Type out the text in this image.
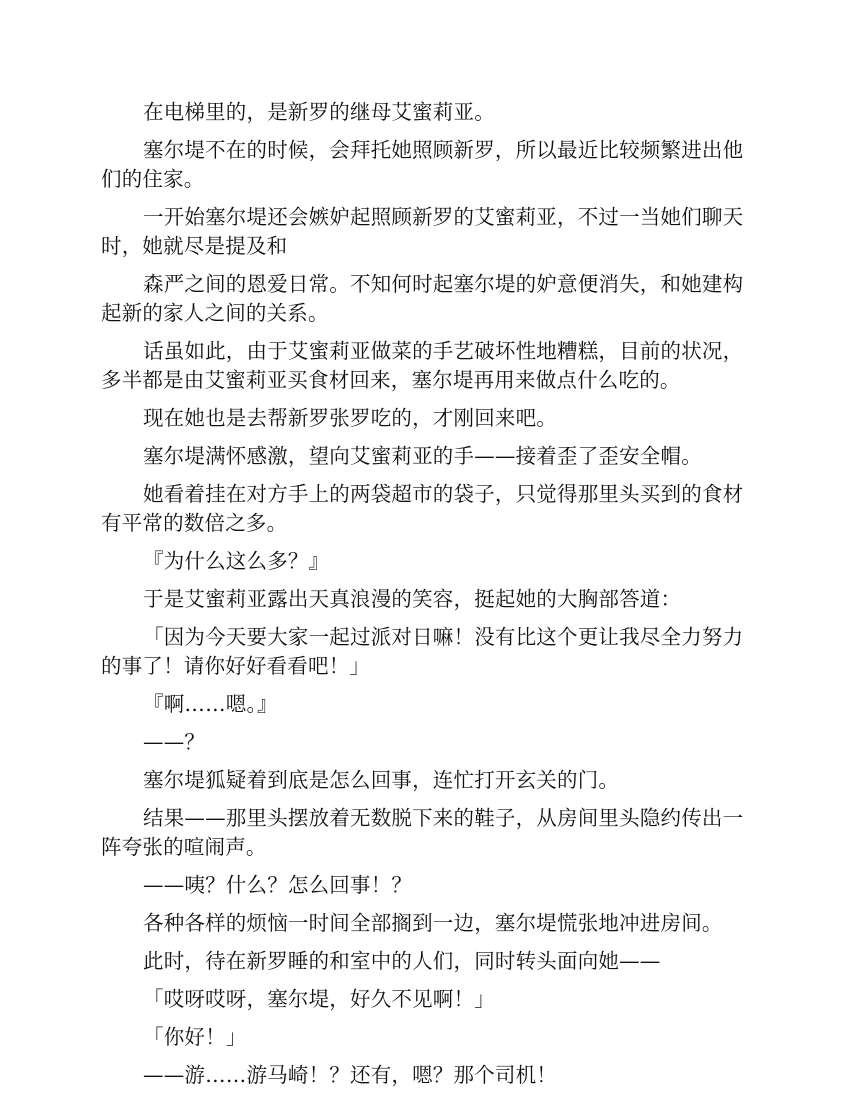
在电梯里的，是新罗的继母艾蜜莉亚。

塞尔堤不在的时候，会拜托她照顾新罗，所以最近比较频繁进出他们的住家。

一开始塞尔堤还会嫉妒起照顾新罗的艾蜜莉亚，不过一当她们聊天时，她就尽是提及和

森严之间的恩爱日常。不知何时起塞尔堤的妒意便消失，和她建构起新的家人之间的关系。

话虽如此，由于艾蜜莉亚做菜的手艺破坏性地糟糕，目前的状况，多半都是由艾蜜莉亚买食材回来，塞尔堤再用来做点什么吃的。

现在她也是去帮新罗张罗吃的，才刚回来吧。

塞尔堤满怀感激，望向艾蜜莉亚的手——接着歪了歪安全帽。

她看着挂在对方手上的两袋超市的袋子，只觉得那里头买到的食材有平常的数倍之多。

『为什么这么多？』

于是艾蜜莉亚露出天真浪漫的笑容，挺起她的大胸部答道：

「因为今天要大家一起过派对日嘛！没有比这个更让我尽全力努力的事了！请你好好看看吧！」

『啊……嗯。』

——？

塞尔堤狐疑着到底是怎么回事，连忙打开玄关的门。

结果——那里头摆放着无数脱下来的鞋子，从房间里头隐约传出一阵夸张的喧闹声。

——咦？什么？怎么回事！？

各种各样的烦恼一时间全部搁到一边，塞尔堤慌张地冲进房间。

此时，待在新罗睡的和室中的人们，同时转头面向她——

「哎呀哎呀，塞尔堤，好久不见啊！」

「你好！」

——游……游马崎！？还有，嗯？那个司机！
